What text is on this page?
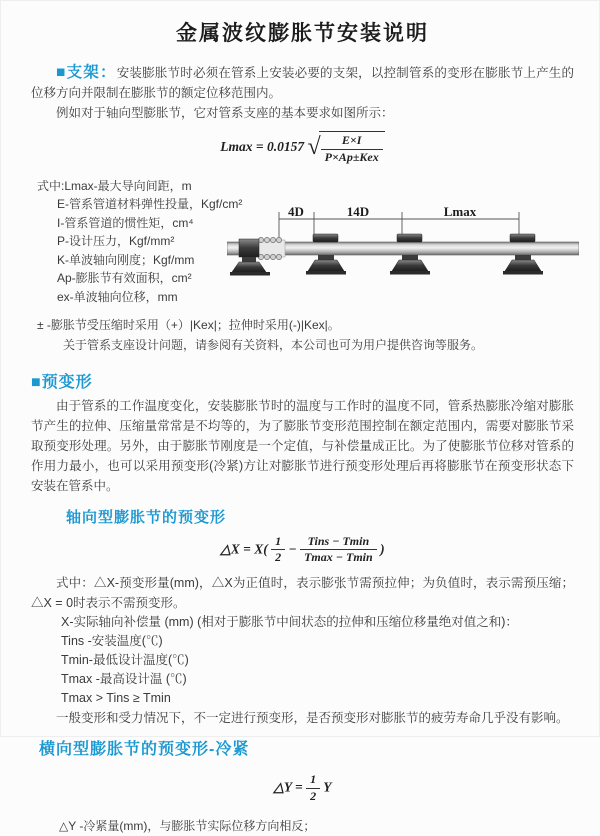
金属波纹膨胀节安装说明

■支架：安装膨胀节时必须在管系上安装必要的支架，以控制管系的变形在膨胀节上产生的位移方向并限制在膨胀节的额定位移范围内。

例如对于轴向型膨胀节，它对管系支座的基本要求如图所示：

Lmax = 0.0157 √ $\frac{E\times I}{\text{P×Ap±Kex}}$
式中:Lmax-最大导向间距，m
E-管系管道材料弹性投量，Kgf/cm²
I-管系管道的惯性矩，cm⁴
P-设计压力，Kgf/mm²
K-单波轴向刚度；Kgf/mm
Ap-膨胀节有效面积，cm²
ex-单波轴向位移，mm
4D	14D	Lmax
± -膨胀节受压缩时采用（+）|Kex|；拉伸时采用(-)|Kex|。
关于管系支座设计问题，请参阅有关资料，本公司也可为用户提供咨询等服务。
■预变形

由于管系的工作温度变化，安装膨胀节时的温度与工作时的温度不同，管系热膨胀冷缩对膨胀节产生的拉伸、压缩量常常是不均等的，为了膨胀节变形范围控制在额定范围内，需要对膨胀节采取预变形处理。另外，由于膨胀节刚度是一个定值，与补偿量成正比。为了使膨胀节位移对管系的作用力最小，也可以采用预变形(冷紧)方让对膨胀节进行预变形处理后再将膨胀节在预变形状态下安装在管系中。

轴向型膨胀节的预变形
△X = $X( \frac{1}{2} - \frac{\text{Tins − Tmin}}{Tmax - Tmin}$ )

式中：△X-预变形量(mm)，△X为正值时，表示膨张节需预拉伸；为负值时，表示需预压缩；△X = 0时表示不需预变形。

X-实际轴向补偿量 (mm) (相对于膨胀节中间状态的拉伸和压缩位移量绝对值之和)：
Tins -安装温度(℃)
Tmin-最低设计温度(℃)
Tmax -最高设计温 (℃)
Tmax > Tins ≥ Tmin

一般变形和受力情况下，不一定进行预变形，是否预变形对膨胀节的疲劳寿命几乎没有影响。

横向型膨胀节的预变形-冷紧
△Y = $\frac{1}{2}$ Y
△Y -冷紧量(mm)，与膨胀节实际位移方向相反；
